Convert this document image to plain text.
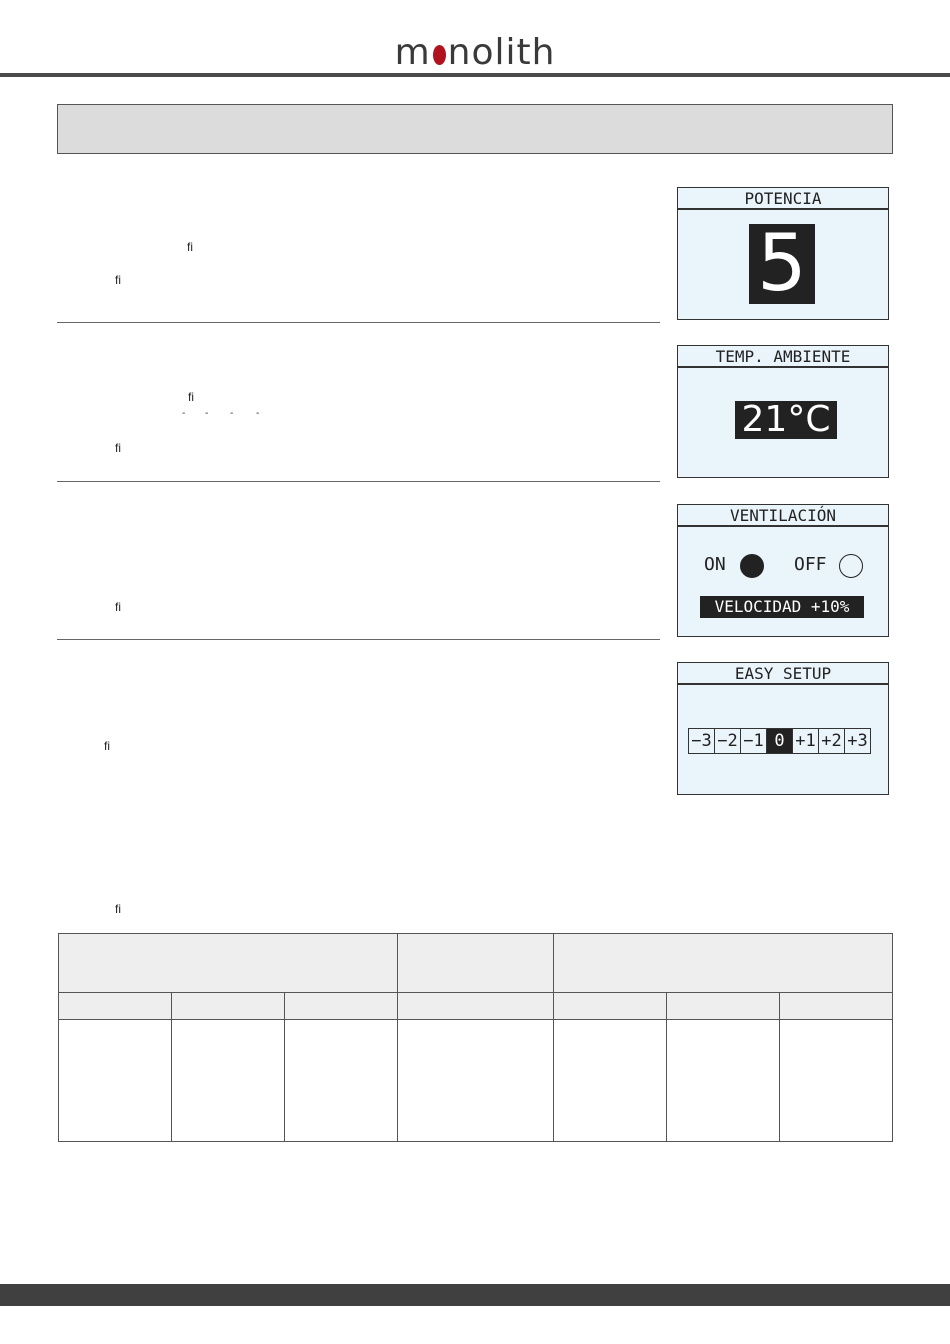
m nolith
ﬁ
ﬁ
ﬁ
- - - -
ﬁ
ﬁ
ﬁ
ﬁ
POTENCIA
5
TEMP. AMBIENTE
21°C
VENTILACIÓN
ON	OFF
VELOCIDAD +10%
EASY SETUP
−3 −2 −1 0 +1 +2 +3
